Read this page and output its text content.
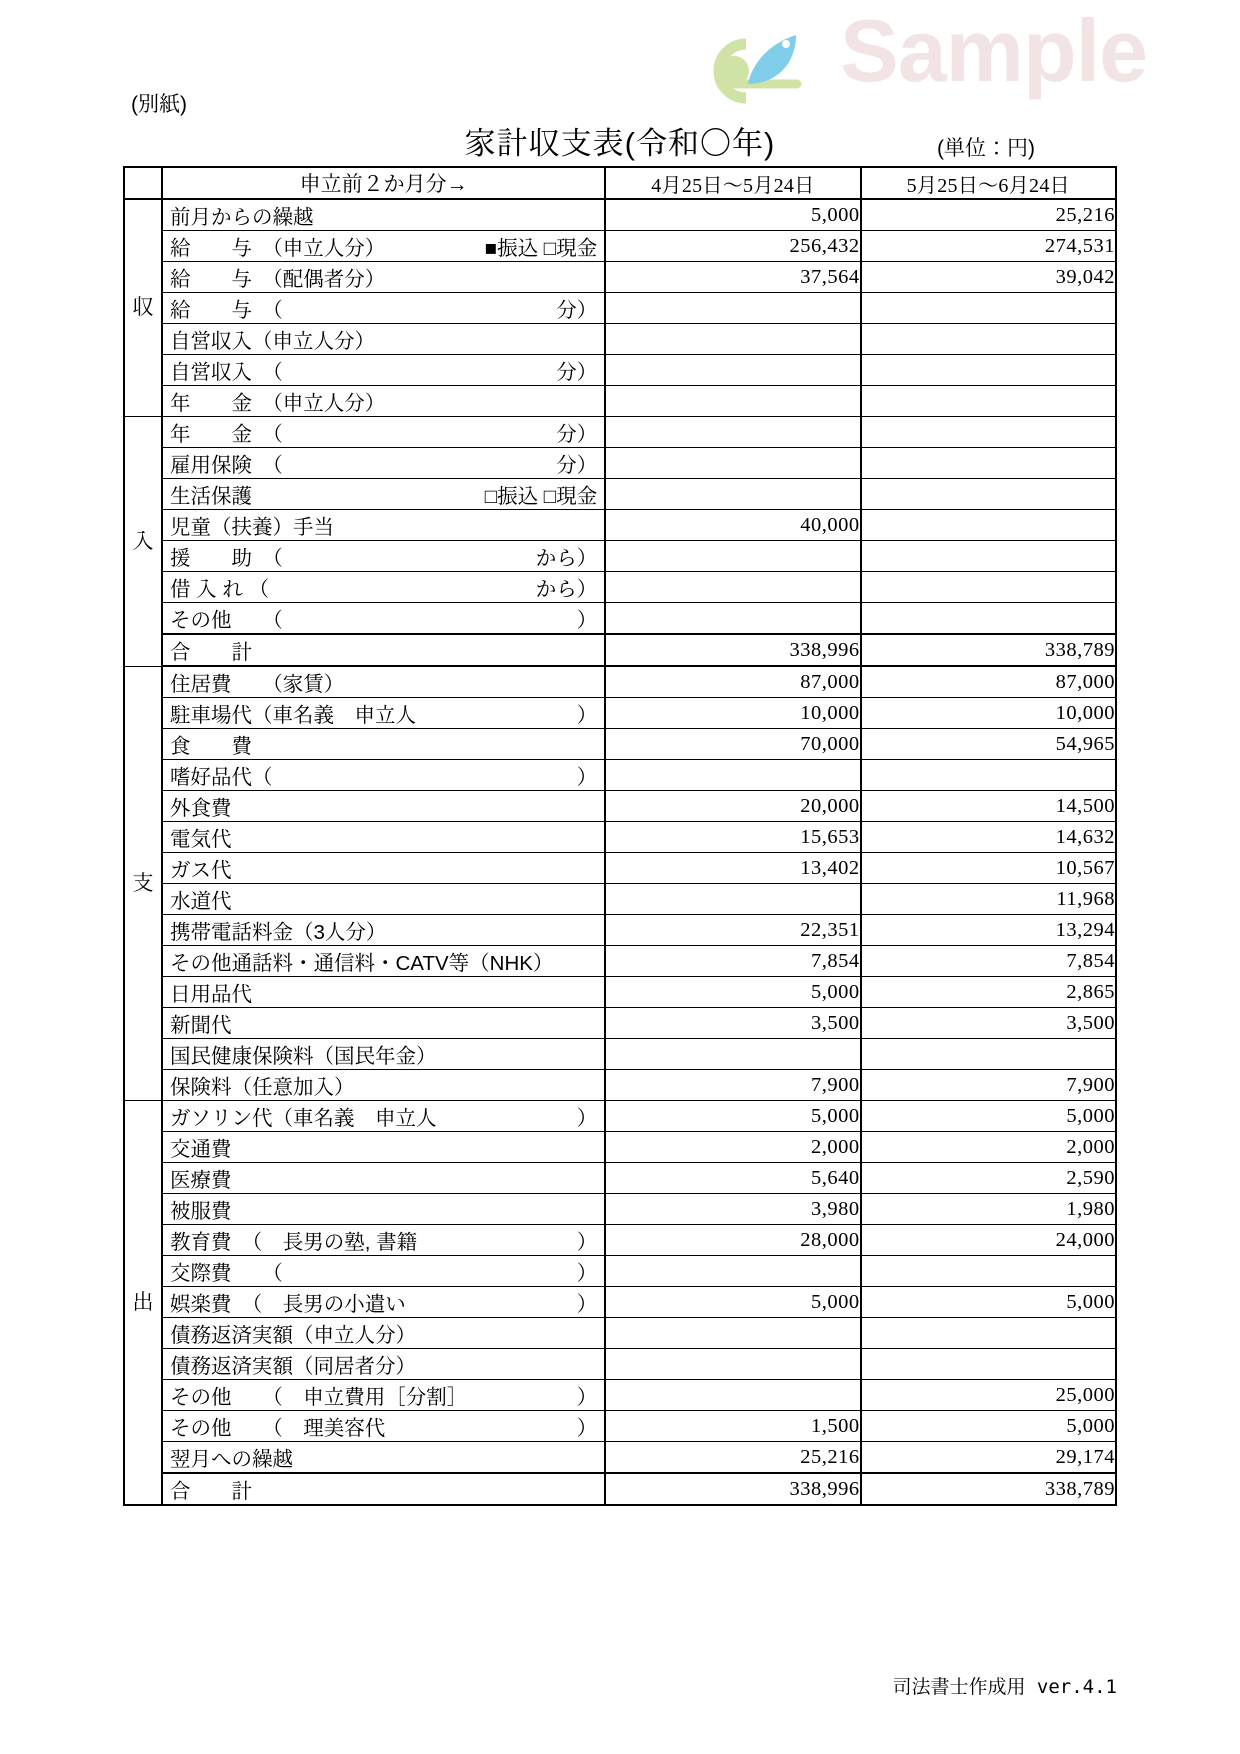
Sample
(別紙)
家計収支表(令和〇年)	(単位：円)
	申立前２か月分→	4月25日～5月24日	5月25日～6月24日

収	前月からの繰越	5,000	25,216

	給　　与　（申立人分） ■振込 □現金	256,432	274,531

	給　　与　（配偶者分）	37,564	39,042

	給　　与　（ 分）		

	自営収入（申立人分）		

	自営収入　（ 分）		

	年　　金　（申立人分）		

入	年　　金　（ 分）		

	雇用保険　（ 分）		

	生活保護 □振込 □現金		

	児童（扶養）手当	40,000	

	援　　助　（ から）		

	借 入 れ （ から）		

	その他　　（ ）		

	合　　計	338,996	338,789

支	住居費　　（家賃）	87,000	87,000

	駐車場代（車名義　申立人 ）	10,000	10,000

	食　　費	70,000	54,965

	嗜好品代（ ）		

	外食費	20,000	14,500

	電気代	15,653	14,632

	ガス代	13,402	10,567

	水道代		11,968

	携帯電話料金（3人分）	22,351	13,294

	その他通話料・通信料・CATV等（NHK）	7,854	7,854

	日用品代	5,000	2,865

	新聞代	3,500	3,500

	国民健康保険料（国民年金）		

	保険料（任意加入）	7,900	7,900

出	ガソリン代（車名義　申立人 ）	5,000	5,000

	交通費	2,000	2,000

	医療費	5,640	2,590

	被服費	3,980	1,980

	教育費　（　長男の塾, 書籍 ）	28,000	24,000

	交際費　　（ ）		

	娯楽費　（　長男の小遣い ）	5,000	5,000

	債務返済実額（申立人分）		

	債務返済実額（同居者分）		

	その他　　（　申立費用［分割］ ）		25,000

	その他　　（　理美容代 ）	1,500	5,000

	翌月への繰越	25,216	29,174

	合　　計	338,996	338,789
司法書士作成用 ver.4.1
